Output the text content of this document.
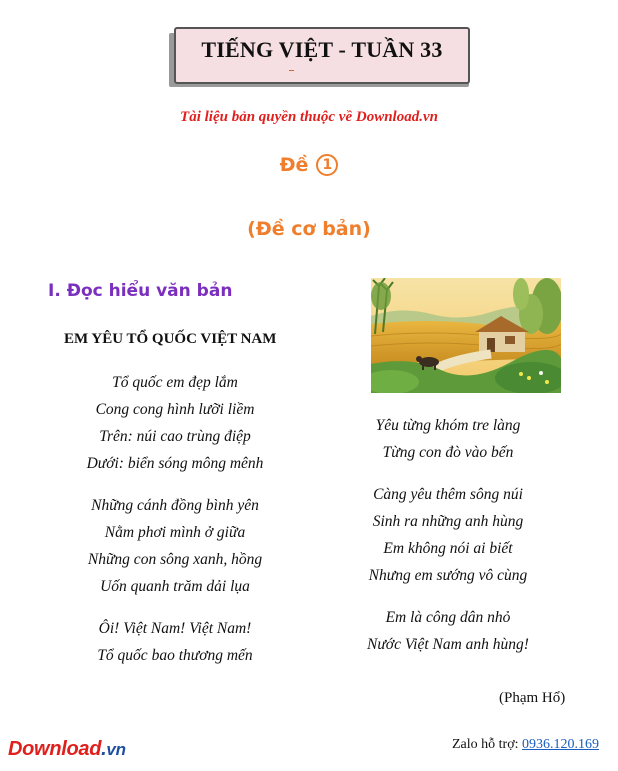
TIẾNG VIỆT - TUẦN 33
Tài liệu bản quyền thuộc về Download.vn
Đề 1
(Đề cơ bản)
I. Đọc hiểu văn bản
EM YÊU TỔ QUỐC VIỆT NAM
Tổ quốc em đẹp lắm
Cong cong hình lưỡi liềm
Trên: núi cao trùng điệp
Dưới: biển sóng mông mênh
Những cánh đồng bình yên
Nằm phơi mình ở giữa
Những con sông xanh, hồng
Uốn quanh trăm dải lụa
Ôi! Việt Nam! Việt Nam!
Tổ quốc bao thương mến
Yêu từng khóm tre làng
Từng con đò vào bến
Càng yêu thêm sông núi
Sinh ra những anh hùng
Em không nói ai biết
Nhưng em sướng vô cùng
Em là công dân nhỏ
Nước Việt Nam anh hùng!
(Phạm Hổ)
Download.vn	Zalo hỗ trợ: 0936.120.169
